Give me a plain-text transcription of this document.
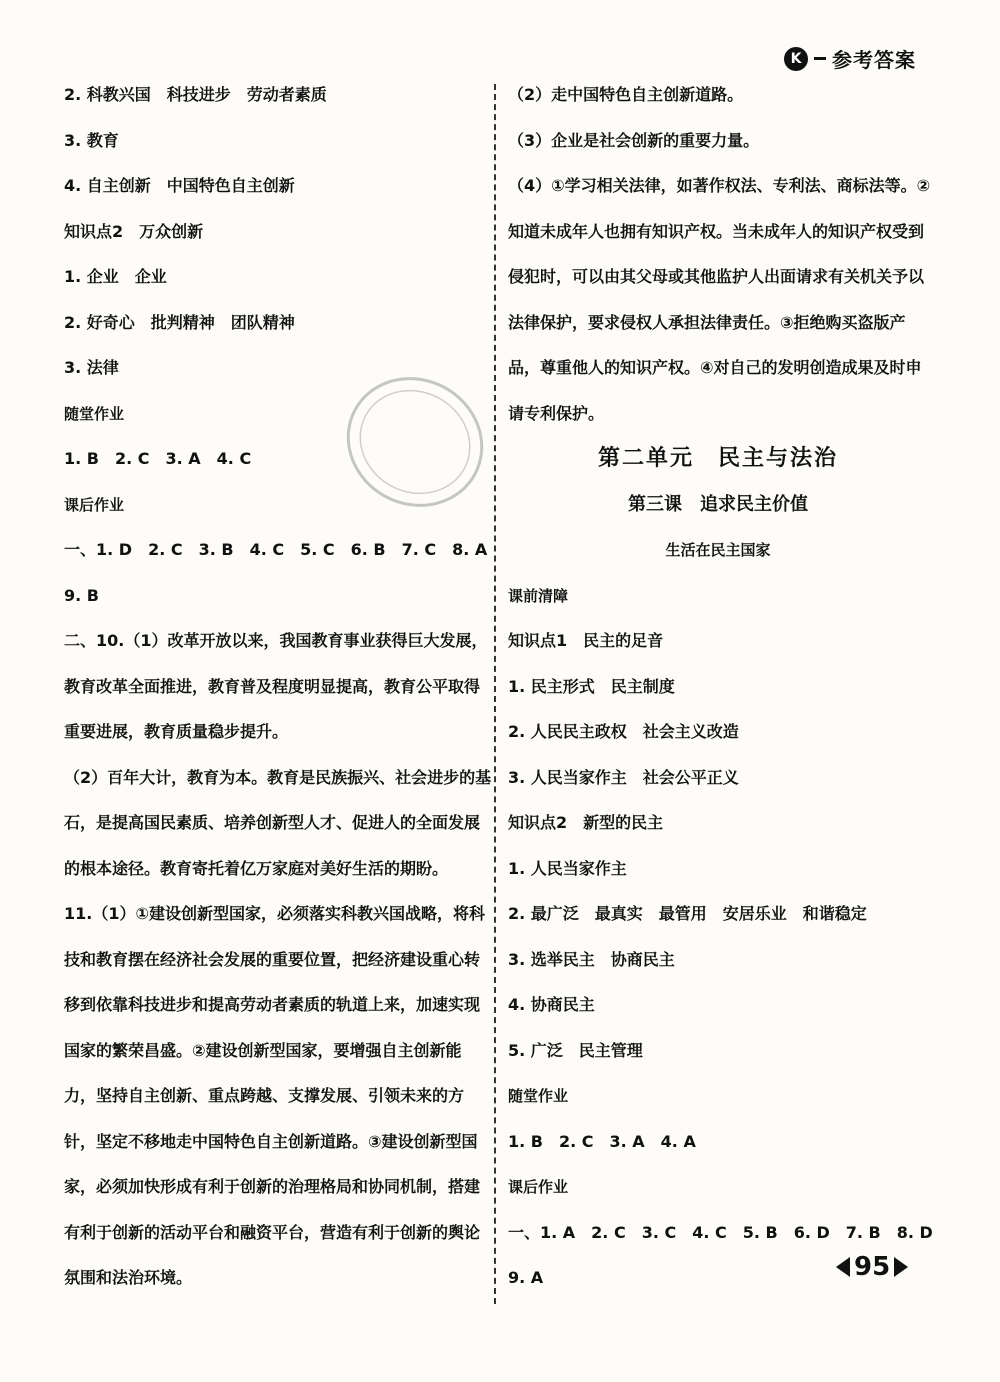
K	参考答案
2. 科教兴国　科技进步　劳动者素质
3. 教育
4. 自主创新　中国特色自主创新
知识点2　万众创新
1. 企业　企业
2. 好奇心　批判精神　团队精神
3. 法律
随堂作业
1. B　2. C　3. A　4. C
课后作业
一、1. D　2. C　3. B　4. C　5. C　6. B　7. C　8. A
9. B
二、10.（1）改革开放以来，我国教育事业获得巨大发展，
教育改革全面推进，教育普及程度明显提高，教育公平取得
重要进展，教育质量稳步提升。
（2）百年大计，教育为本。教育是民族振兴、社会进步的基
石，是提高国民素质、培养创新型人才、促进人的全面发展
的根本途径。教育寄托着亿万家庭对美好生活的期盼。
11.（1）①建设创新型国家，必须落实科教兴国战略，将科
技和教育摆在经济社会发展的重要位置，把经济建设重心转
移到依靠科技进步和提高劳动者素质的轨道上来，加速实现
国家的繁荣昌盛。②建设创新型国家，要增强自主创新能
力，坚持自主创新、重点跨越、支撑发展、引领未来的方
针，坚定不移地走中国特色自主创新道路。③建设创新型国
家，必须加快形成有利于创新的治理格局和协同机制，搭建
有利于创新的活动平台和融资平台，营造有利于创新的舆论
氛围和法治环境。
（2）走中国特色自主创新道路。
（3）企业是社会创新的重要力量。
（4）①学习相关法律，如著作权法、专利法、商标法等。②
知道未成年人也拥有知识产权。当未成年人的知识产权受到
侵犯时，可以由其父母或其他监护人出面请求有关机关予以
法律保护，要求侵权人承担法律责任。③拒绝购买盗版产
品，尊重他人的知识产权。④对自己的发明创造成果及时申
请专利保护。
第二单元　民主与法治
第三课　追求民主价值
生活在民主国家
课前清障
知识点1　民主的足音
1. 民主形式　民主制度
2. 人民民主政权　社会主义改造
3. 人民当家作主　社会公平正义
知识点2　新型的民主
1. 人民当家作主
2. 最广泛　最真实　最管用　安居乐业　和谐稳定
3. 选举民主　协商民主
4. 协商民主
5. 广泛　民主管理
随堂作业
1. B　2. C　3. A　4. A
课后作业
一、1. A　2. C　3. C　4. C　5. B　6. D　7. B　8. D
9. A	95
